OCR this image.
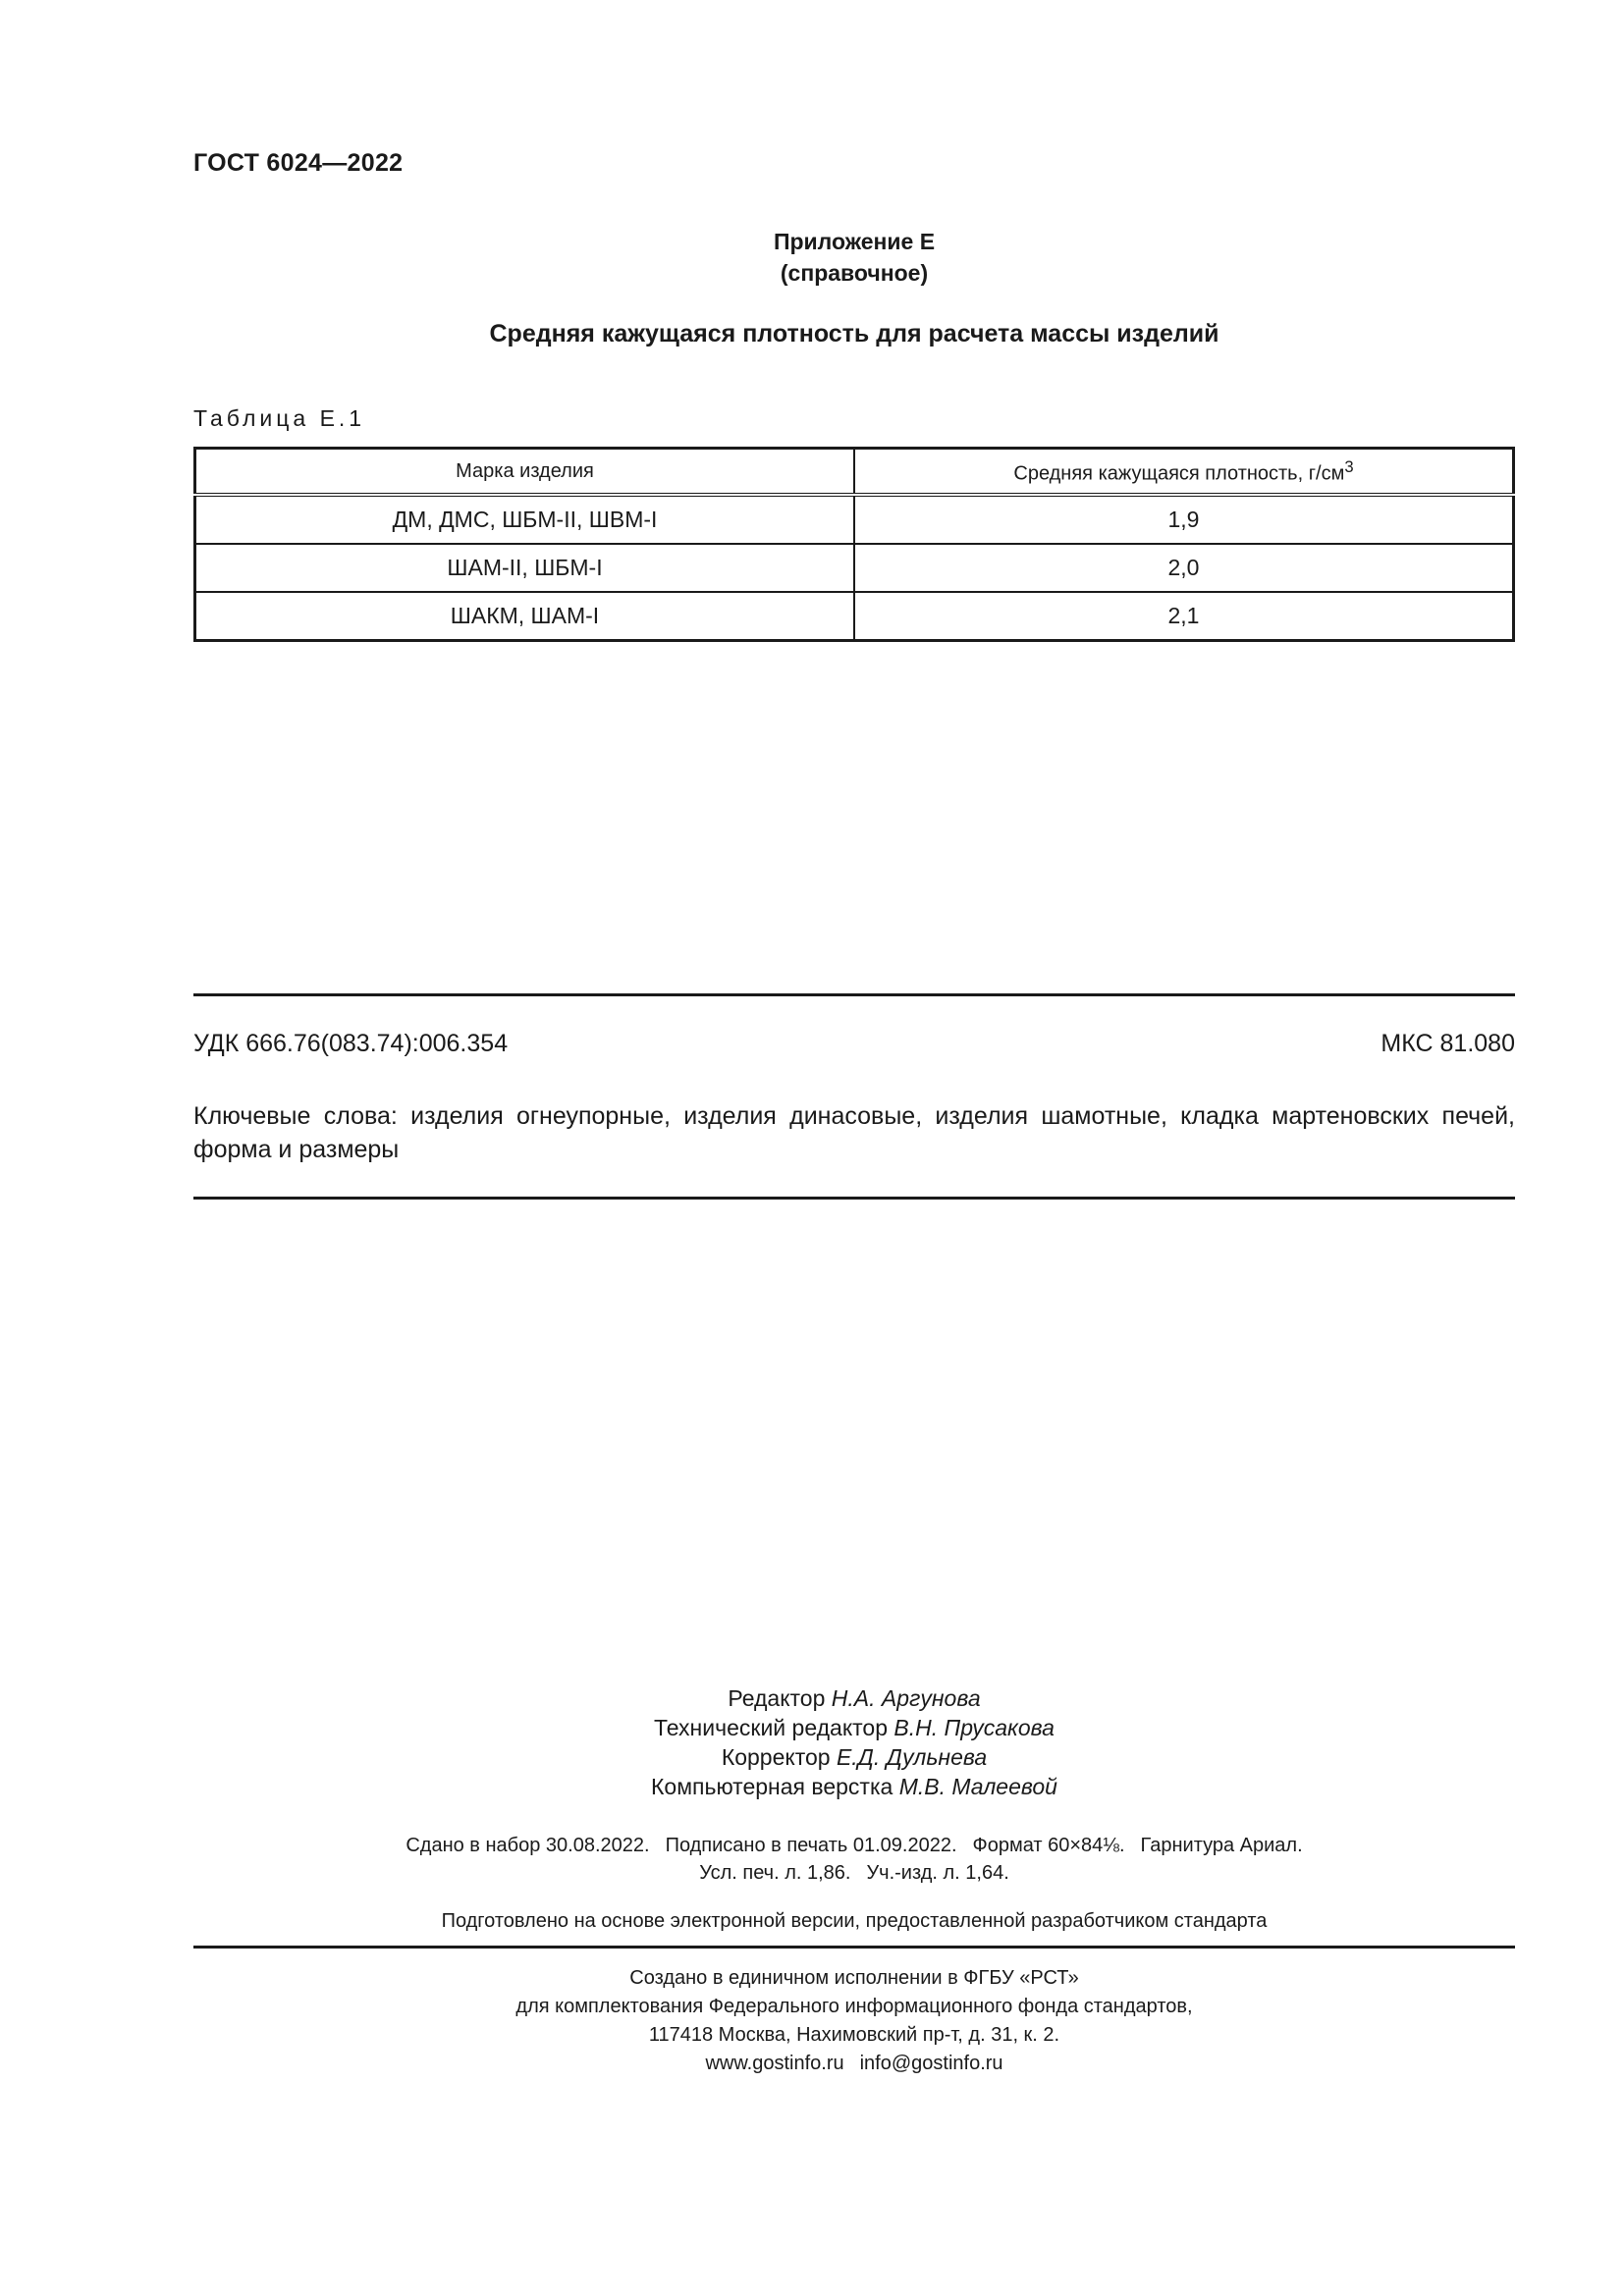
ГОСТ 6024—2022
Приложение Е
(справочное)
Средняя кажущаяся плотность для расчета массы изделий
Таблица Е.1
Марка изделия	Средняя кажущаяся плотность, $г/см^3$
ДМ, ДМС, ШБМ-II, ШВМ-I	1,9
ШАМ-II, ШБМ-I	2,0
ШАКМ, ШАМ-I	2,1
УДК 666.76(083.74):006.354	МКС 81.080
Ключевые слова: изделия огнеупорные, изделия динасовые, изделия шамотные, кладка мартеновских печей, форма и размеры
Редактор Н.А. Аргунова
Технический редактор В.Н. Прусакова
Корректор Е.Д. Дульнева
Компьютерная верстка М.В. Малеевой
Сдано в набор 30.08.2022. Подписано в печать 01.09.2022. Формат 60×84⅛. Гарнитура Ариал.
Усл. печ. л. 1,86. Уч.-изд. л. 1,64.
Подготовлено на основе электронной версии, предоставленной разработчиком стандарта
Создано в единичном исполнении в ФГБУ «РСТ»
для комплектования Федерального информационного фонда стандартов,
117418 Москва, Нахимовский пр-т, д. 31, к. 2.
www.gostinfo.ru info@gostinfo.ru
